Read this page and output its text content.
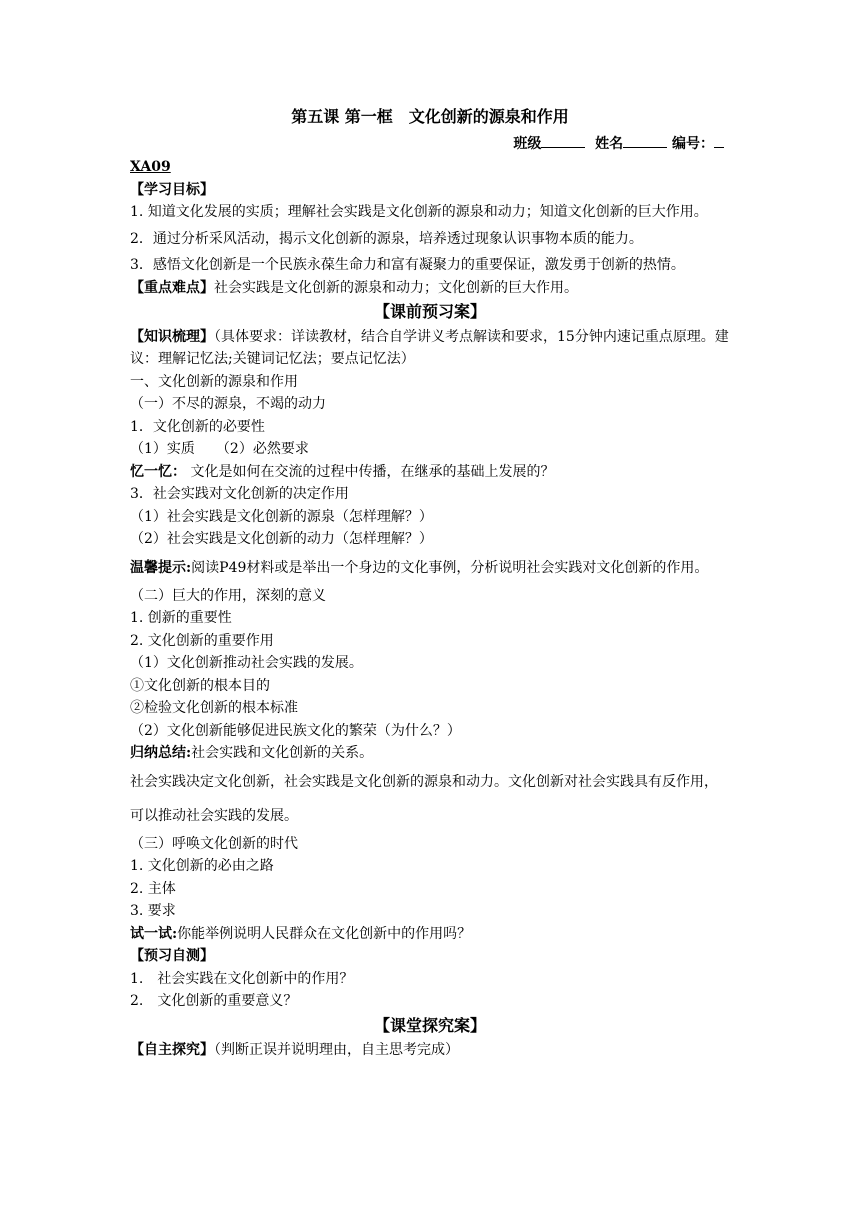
第五课 第一框　文化创新的源泉和作用
班级	姓名	编号：
XA09
【学习目标】
1. 知道文化发展的实质；理解社会实践是文化创新的源泉和动力；知道文化创新的巨大作用。
2．通过分析采风活动，揭示文化创新的源泉，培养透过现象认识事物本质的能力。
3．感悟文化创新是一个民族永葆生命力和富有凝聚力的重要保证，激发勇于创新的热情。
【重点难点】社会实践是文化创新的源泉和动力；文化创新的巨大作用。
【课前预习案】
【知识梳理】（具体要求：详读教材，结合自学讲义考点解读和要求，15分钟内速记重点原理。建议：理解记忆法;关键词记忆法；要点记忆法）
一、文化创新的源泉和作用
（一）不尽的源泉，不竭的动力
1．文化创新的必要性
（1）实质　　（2）必然要求
忆一忆： 文化是如何在交流的过程中传播，在继承的基础上发展的？
3．社会实践对文化创新的决定作用
（1）社会实践是文化创新的源泉（怎样理解？）
（2）社会实践是文化创新的动力（怎样理解？）
温馨提示:阅读P49材料或是举出一个身边的文化事例，分析说明社会实践对文化创新的作用。
（二）巨大的作用，深刻的意义
1. 创新的重要性
2. 文化创新的重要作用
（1）文化创新推动社会实践的发展。
①文化创新的根本目的
②检验文化创新的根本标准
（2）文化创新能够促进民族文化的繁荣（为什么？）
归纳总结:社会实践和文化创新的关系。
社会实践决定文化创新，社会实践是文化创新的源泉和动力。文化创新对社会实践具有反作用，可以推动社会实践的发展。
（三）呼唤文化创新的时代
1. 文化创新的必由之路
2. 主体
3. 要求
试一试:你能举例说明人民群众在文化创新中的作用吗？
【预习自测】
1.　社会实践在文化创新中的作用？
2.　文化创新的重要意义？
【课堂探究案】
【自主探究】（判断正误并说明理由，自主思考完成）
